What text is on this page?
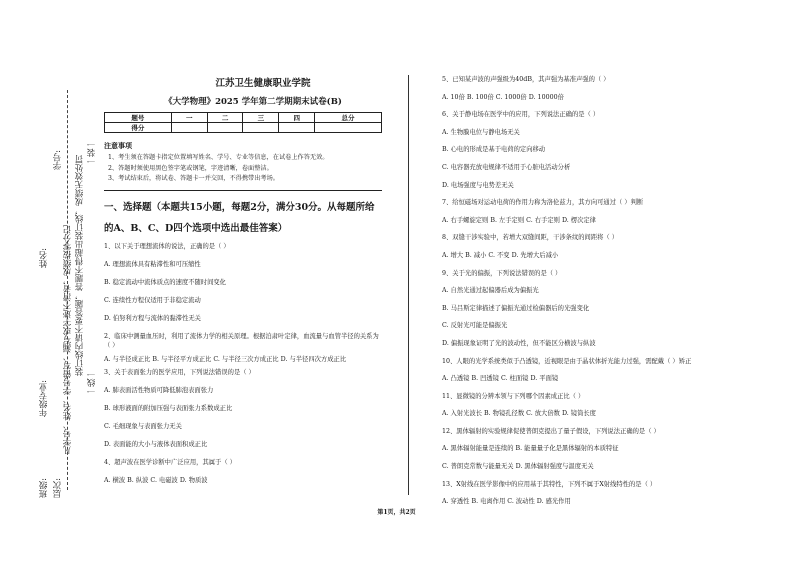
学号:
姓名:
年级专业:
层次:
班级:
装订线内请不要答题，答题不得超出装订线，成绩无效处罚
凡学号、姓名、学号错写、漏写或字迹不清者，成绩按零分记
一装一
一线一
江苏卫生健康职业学院
《大学物理》2025 学年第二学期期末试卷(B)
题号	一	二	三	四	总分
得分					
注意事项

1、考生须在答题卡指定位置填写姓名、学号、专业等信息，在试卷上作答无效。

2、答题时须使用黑色签字笔或钢笔，字迹清晰，卷面整洁。

3、考试结束后，将试卷、答题卡一并交回，不得携带出考场。

一、选择题（本题共15小题，每题2分，满分30分。从每题所给的A、B、C、D四个选项中选出最佳答案）
1、以下关于理想流体的说法，正确的是（ ）
A. 理想流体具有粘滞性和可压缩性
B. 稳定流动中流体质点的速度不随时间变化
C. 连续性方程仅适用于非稳定流动
D. 伯努利方程与流体的黏滞性无关
2、临床中测量血压时，利用了流体力学的相关原理。根据泊肃叶定律，血流量与血管半径的关系为（ ）
A. 与半径成正比 B. 与半径平方成正比 C. 与半径三次方成正比 D. 与半径四次方成正比
3、关于表面张力的医学应用，下列说法错误的是（ ）
A. 肺表面活性物质可降低肺泡表面张力
B. 球形液面的附加压强与表面张力系数成正比
C. 毛细现象与表面张力无关
D. 表面能的大小与液体表面积成正比
4、超声波在医学诊断中广泛应用，其属于（ ）
A. 横波 B. 纵波 C. 电磁波 D. 物质波
5、已知某声波的声强级为40dB，其声强为基准声强的（ ）
A. 10倍 B. 100倍 C. 1000倍 D. 10000倍
6、关于静电场在医学中的应用，下列说法正确的是（ ）
A. 生物膜电位与静电场无关
B. 心电的形成是基于电荷的定向移动
C. 电容器充放电规律不适用于心脏电活动分析
D. 电场强度与电势差无关
7、给恒磁场对运动电荷的作用力称为洛伦兹力，其方向可通过（ ）判断
A. 右手螺旋定则 B. 左手定则 C. 右手定则 D. 楞次定律
8、双缝干涉实验中，若增大双缝间距，干涉条纹的间距将（ ）
A. 增大 B. 减小 C. 不变 D. 先增大后减小
9、关于光的偏振，下列说法错误的是（ ）
A. 自然光通过起偏器后成为偏振光
B. 马吕斯定律描述了偏振光通过检偏器后的光强变化
C. 反射光可能是偏振光
D. 偏振现象证明了光的波动性，但不能区分横波与纵波
10、人眼的光学系统类似于凸透镜，近视眼是由于晶状体折光能力过强，需配戴（ ）矫正
A. 凸透镜 B. 凹透镜 C. 柱面镜 D. 平面镜
11、显微镜的分辨本领与下列哪个因素成正比（ ）
A. 入射光波长 B. 物镜孔径数 C. 放大倍数 D. 镜筒长度
12、黑体辐射的实验规律促使普朗克提出了量子假设，下列说法正确的是（ ）
A. 黑体辐射能量是连续的 B. 能量量子化是黑体辐射的本质特征
C. 普朗克常数与能量无关 D. 黑体辐射强度与温度无关
13、X射线在医学影像中的应用基于其特性，下列不属于X射线特性的是（ ）
A. 穿透性 B. 电离作用 C. 波动性 D. 感光作用
第1页，共2页
